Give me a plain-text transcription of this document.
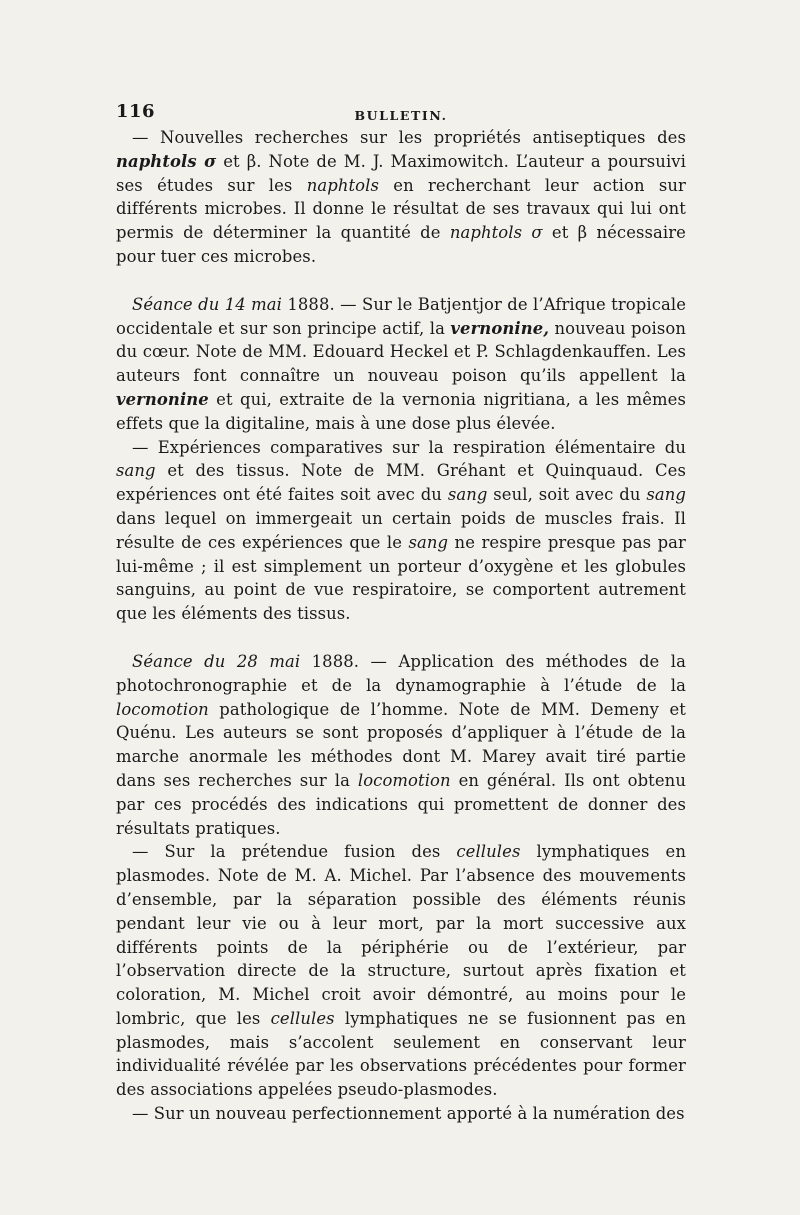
116	BULLETIN.

— Nouvelles recherches sur les propriétés antiseptiques des naphtols σ et β. Note de M. J. Maximowitch. L’auteur a poursuivi ses études sur les naphtols en recherchant leur action sur différents microbes. Il donne le résultat de ses travaux qui lui ont permis de déterminer la quantité de naphtols σ et β nécessaire pour tuer ces microbes.

Séance du 14 mai 1888. — Sur le Batjentjor de l’Afrique tropicale occidentale et sur son principe actif, la vernonine, nouveau poison du cœur. Note de MM. Edouard Heckel et P. Schlagdenkauffen. Les auteurs font connaître un nouveau poison qu’ils appellent la vernonine et qui, extraite de la vernonia nigritiana, a les mêmes effets que la digitaline, mais à une dose plus élevée.

— Expériences comparatives sur la respiration élémentaire du sang et des tissus. Note de MM. Gréhant et Quinquaud. Ces expériences ont été faites soit avec du sang seul, soit avec du sang dans lequel on immergeait un certain poids de muscles frais. Il résulte de ces expériences que le sang ne respire presque pas par lui-même ; il est simplement un porteur d’oxygène et les globules sanguins, au point de vue respiratoire, se comportent autrement que les éléments des tissus.

Séance du 28 mai 1888. — Application des méthodes de la photochronographie et de la dynamographie à l’étude de la locomotion pathologique de l’homme. Note de MM. Demeny et Quénu. Les auteurs se sont proposés d’appliquer à l’étude de la marche anormale les méthodes dont M. Marey avait tiré partie dans ses recherches sur la locomotion en général. Ils ont obtenu par ces procédés des indications qui promettent de donner des résultats pratiques.

— Sur la prétendue fusion des cellules lymphatiques en plasmodes. Note de M. A. Michel. Par l’absence des mouvements d’ensemble, par la séparation possible des éléments réunis pendant leur vie ou à leur mort, par la mort successive aux différents points de la périphérie ou de l’extérieur, par l’observation directe de la structure, surtout après fixation et coloration, M. Michel croit avoir démontré, au moins pour le lombric, que les cellules lymphatiques ne se fusionnent pas en plasmodes, mais s’accolent seulement en conservant leur individualité révélée par les observations précédentes pour former des associations appelées pseudo-plasmodes.

— Sur un nouveau perfectionnement apporté à la numération des
